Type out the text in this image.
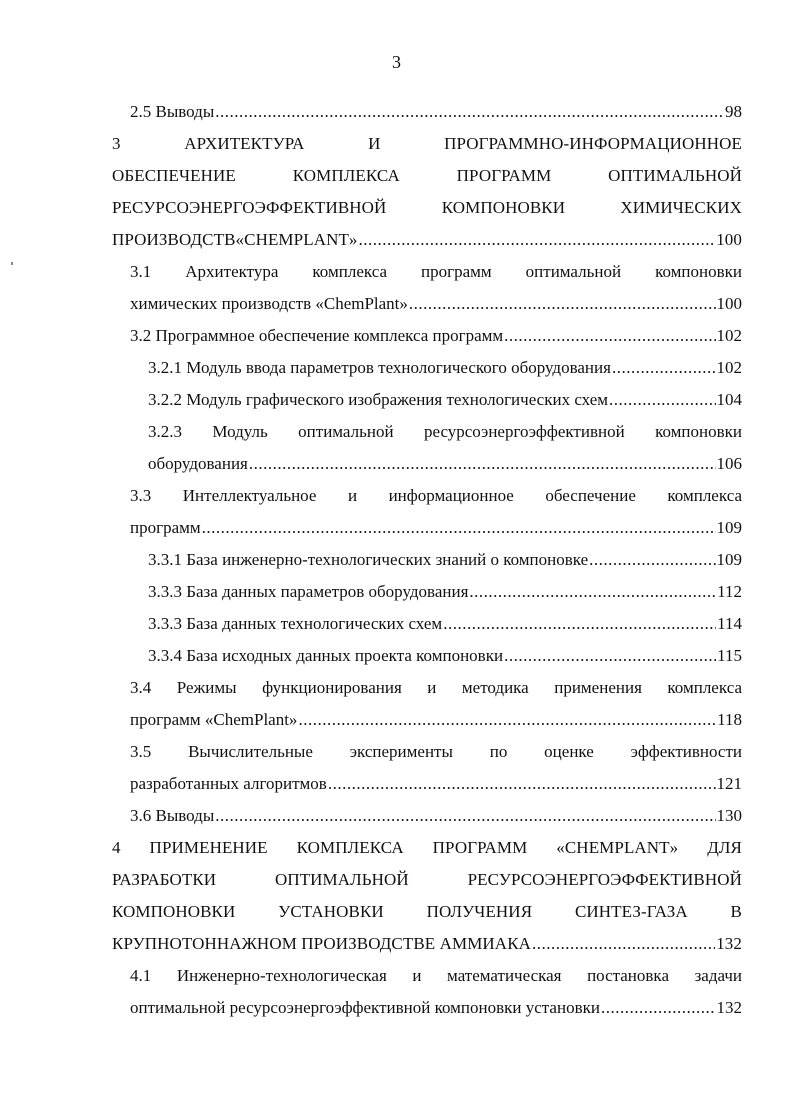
3
2.5 Выводы .....	98
3 АРХИТЕКТУРА И ПРОГРАММНО-ИНФОРМАЦИОННОЕ
ОБЕСПЕЧЕНИЕ КОМПЛЕКСА ПРОГРАММ ОПТИМАЛЬНОЙ
РЕСУРСОЭНЕРГОЭФФЕКТИВНОЙ КОМПОНОВКИ ХИМИЧЕСКИХ
ПРОИЗВОДСТВ«CHEMPLANT» .....	100
3.1 Архитектура комплекса программ оптимальной компоновки
химических производств «ChemPlant» .....	100
3.2 Программное обеспечение комплекса программ .....	102
3.2.1 Модуль ввода параметров технологического оборудования .....	102
3.2.2 Модуль графического изображения технологических схем .....	104
3.2.3 Модуль оптимальной ресурсоэнергоэффективной компоновки
оборудования .....	106
3.3 Интеллектуальное и информационное обеспечение комплекса
программ .....	109
3.3.1 База инженерно-технологических знаний о компоновке .....	109
3.3.3 База данных параметров оборудования .....	112
3.3.3 База данных технологических схем .....	114
3.3.4 База исходных данных проекта компоновки .....	115
3.4 Режимы функционирования и методика применения комплекса
программ «ChemPlant» .....	118
3.5 Вычислительные эксперименты по оценке эффективности
разработанных алгоритмов .....	121
3.6 Выводы .....	130
4 ПРИМЕНЕНИЕ КОМПЛЕКСА ПРОГРАММ «CHEMPLANT» ДЛЯ
РАЗРАБОТКИ ОПТИМАЛЬНОЙ РЕСУРСОЭНЕРГОЭФФЕКТИВНОЙ
КОМПОНОВКИ УСТАНОВКИ ПОЛУЧЕНИЯ СИНТЕЗ-ГАЗА В
КРУПНОТОННАЖНОМ ПРОИЗВОДСТВЕ АММИАКА .....	132
4.1 Инженерно-технологическая и математическая постановка задачи
оптимальной ресурсоэнергоэффективной компоновки установки .....	132
